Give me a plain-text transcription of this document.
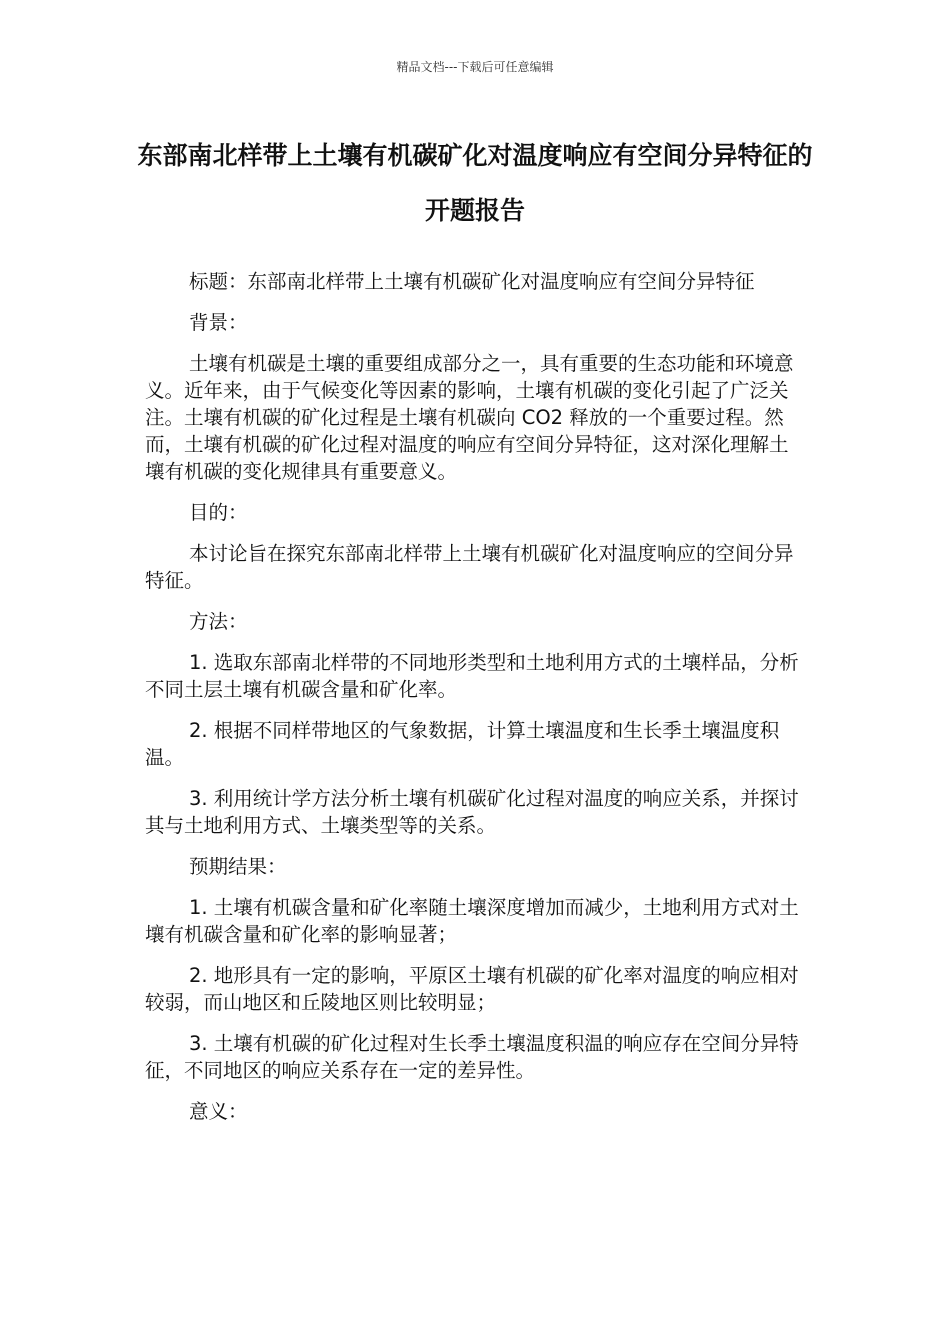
精品文档---下载后可任意编辑
东部南北样带上土壤有机碳矿化对温度响应有空间分异特征的开题报告

标题：东部南北样带上土壤有机碳矿化对温度响应有空间分异特征

背景：

土壤有机碳是土壤的重要组成部分之一，具有重要的生态功能和环境意义。近年来，由于气候变化等因素的影响，土壤有机碳的变化引起了广泛关注。土壤有机碳的矿化过程是土壤有机碳向 CO2 释放的一个重要过程。然而，土壤有机碳的矿化过程对温度的响应有空间分异特征，这对深化理解土壤有机碳的变化规律具有重要意义。

目的：

本讨论旨在探究东部南北样带上土壤有机碳矿化对温度响应的空间分异特征。

方法：

1. 选取东部南北样带的不同地形类型和土地利用方式的土壤样品，分析不同土层土壤有机碳含量和矿化率。

2. 根据不同样带地区的气象数据，计算土壤温度和生长季土壤温度积温。

3. 利用统计学方法分析土壤有机碳矿化过程对温度的响应关系，并探讨其与土地利用方式、土壤类型等的关系。

预期结果：

1. 土壤有机碳含量和矿化率随土壤深度增加而减少，土地利用方式对土壤有机碳含量和矿化率的影响显著；

2. 地形具有一定的影响，平原区土壤有机碳的矿化率对温度的响应相对较弱，而山地区和丘陵地区则比较明显；

3. 土壤有机碳的矿化过程对生长季土壤温度积温的响应存在空间分异特征，不同地区的响应关系存在一定的差异性。

意义：
